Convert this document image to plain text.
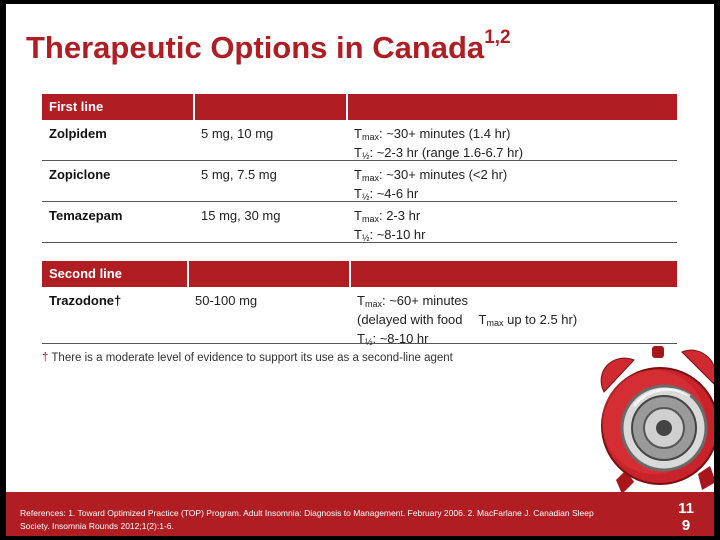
Therapeutic Options in Canada$^{1,2}$
First line
Zolpidem	5 mg, 10 mg	$T_{max}$: ~30+ minutes (1.4 hr)
$T_{\frac{1}{2}}$: ~2-3 hr (range 1.6-6.7 hr)
Zopiclone	5 mg, 7.5 mg	$T_{max}$: ~30+ minutes (<2 hr)
$T_{\frac{1}{2}}$: ~4-6 hr
Temazepam	15 mg, 30 mg	$T_{max}$: 2-3 hr
$T_{\frac{1}{2}}$: ~8-10 hr
Second line
Trazodone†	50-100 mg	$T_{max}$: ~60+ minutes
(delayed with food $T_{max}$ up to 2.5 hr)
$T_{\frac{1}{2}}$: ~8-10 hr
† There is a moderate level of evidence to support its use as a second-line agent
References: 1. Toward Optimized Practice (TOP) Program. Adult Insomnia: Diagnosis to Management. February 2006. 2. MacFarlane J. Canadian Sleep Society. Insomnia Rounds 2012;1(2):1-6.
11
9
